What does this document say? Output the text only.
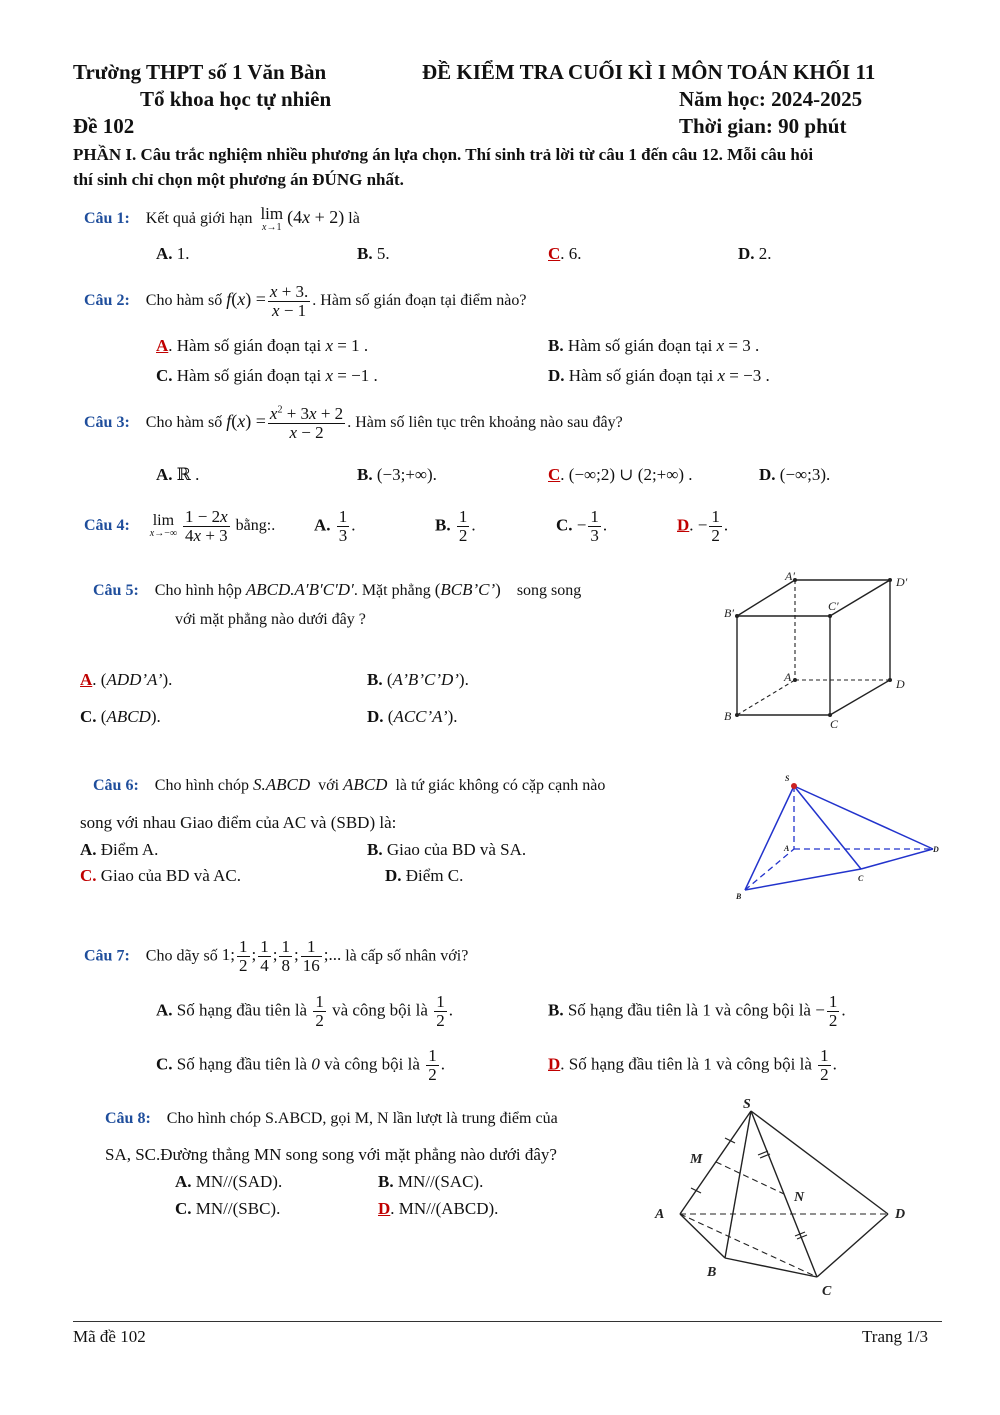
Trường THPT số 1 Văn Bàn	ĐỀ KIỂM TRA CUỐI KÌ I MÔN TOÁN KHỐI 11
Tổ khoa học tự nhiên	Năm học: 2024-2025
Đề 102	Thời gian: 90 phút
PHẦN I. Câu trắc nghiệm nhiều phương án lựa chọn. Thí sinh trả lời từ câu 1 đến câu 12. Mỗi câu hỏi
thí sinh chỉ chọn một phương án ĐÚNG nhất.
Câu 1: Kết quả giới hạn lim
x→1
(4x + 2) là
A. 1.	B. 5.	C. 6.	D. 2.
Câu 2: Cho hàm số $f(x) = \frac{x + 3.}{x - 1}$ . Hàm số gián đoạn tại điểm nào?
A. Hàm số gián đoạn tại x = 1 .	B. Hàm số gián đoạn tại x = 3 .
C. Hàm số gián đoạn tại x = −1 .	D. Hàm số gián đoạn tại x = −3 .
Câu 3: Cho hàm số $f(x) = \frac{x^2 + 3x + 2}{x - 2}$ . Hàm số liên tục trên khoảng nào sau đây?
A. ℝ .	B. (−3;+∞).	C. (−∞;2) ∪ (2;+∞) .	D. (−∞;3).
Câu 4:	lim
$x\to-\infty \frac{1 - 2x}{4x + 3}$ bằng:. A. $\frac{1}{3}$ .	B. $\frac{1}{2}$ .	C. − $\frac{1}{3}$ .	D. − $\frac{1}{2}$ .
Câu 5: Cho hình hộp ABCD.A′B′C′D′. Mặt phẳng (BCB’C’) song song
với mặt phẳng nào dưới đây ?
A. (ADD’A’).	B. (A’B’C’D’).
C. (ABCD).	D. (ACC’A’).
A′	D′
B′	C′
A	D
B
C
Câu 6: Cho hình chóp S.ABCD với ABCD là tứ giác không có cặp cạnh nào
song với nhau Giao điểm của AC và (SBD) là:
A. Điểm A.	B. Giao của BD và SA.
C. Giao của BD và AC.	D. Điểm C.
S
A
B
C
D
Câu 7: Cho dãy số 1; $\frac{1}{2}$ ; $\frac{1}{4}$ ; $\frac{1}{8}$ ; $\frac{1}{16}$ ;... là cấp số nhân với?
A. Số hạng đầu tiên là $\frac{1}{2}$ và công bội là $\frac{1}{2}$ .	B. Số hạng đầu tiên là 1 và công bội là − $\frac{1}{2}$ .
C. Số hạng đầu tiên là 0 và công bội là $\frac{1}{2}$ .	D. Số hạng đầu tiên là 1 và công bội là $\frac{1}{2}$ .
Câu 8: Cho hình chóp S.ABCD, gọi M, N lần lượt là trung điểm của
SA, SC.Đường thẳng MN song song với mặt phẳng nào dưới đây?
A. MN//(SAD).	B. MN//(SAC).
C. MN//(SBC).	D. MN//(ABCD).
S
M
N
A	D
B
C
Mã đề 102	Trang 1/3
